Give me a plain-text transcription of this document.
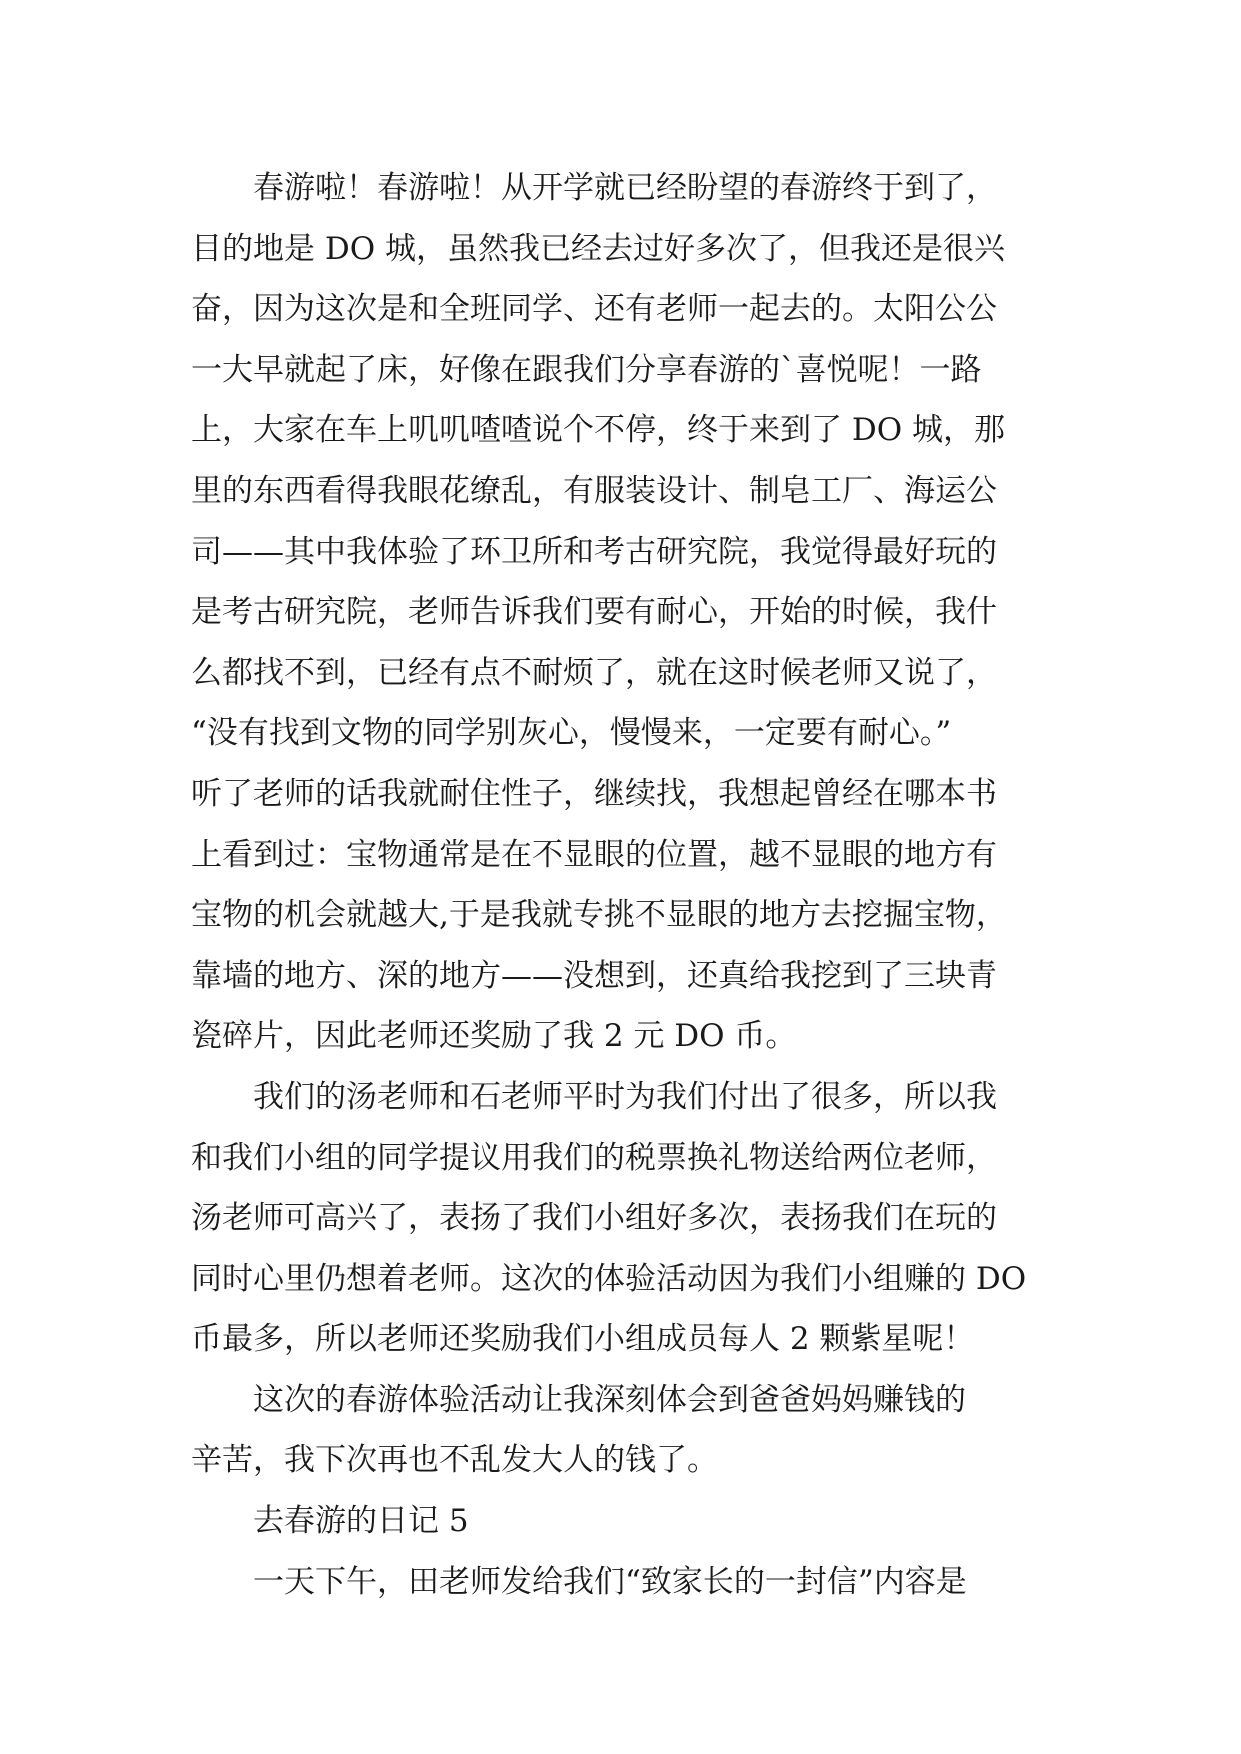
　　春游啦！春游啦！从开学就已经盼望的春游终于到了，
目的地是 DO 城，虽然我已经去过好多次了，但我还是很兴
奋，因为这次是和全班同学、还有老师一起去的。太阳公公
一大早就起了床，好像在跟我们分享春游的`喜悦呢！一路
上，大家在车上叽叽喳喳说个不停，终于来到了 DO 城，那
里的东西看得我眼花缭乱，有服装设计、制皂工厂、海运公
司——其中我体验了环卫所和考古研究院，我觉得最好玩的
是考古研究院，老师告诉我们要有耐心，开始的时候，我什
么都找不到，已经有点不耐烦了，就在这时候老师又说了，
“没有找到文物的同学别灰心，慢慢来，一定要有耐心。”
听了老师的话我就耐住性子，继续找，我想起曾经在哪本书
上看到过：宝物通常是在不显眼的位置，越不显眼的地方有
宝物的机会就越大,于是我就专挑不显眼的地方去挖掘宝物，
靠墙的地方、深的地方——没想到，还真给我挖到了三块青
瓷碎片，因此老师还奖励了我 2 元 DO 币。
　　我们的汤老师和石老师平时为我们付出了很多，所以我
和我们小组的同学提议用我们的税票换礼物送给两位老师，
汤老师可高兴了，表扬了我们小组好多次，表扬我们在玩的
同时心里仍想着老师。这次的体验活动因为我们小组赚的 DO
币最多，所以老师还奖励我们小组成员每人 2 颗紫星呢！
　　这次的春游体验活动让我深刻体会到爸爸妈妈赚钱的
辛苦，我下次再也不乱发大人的钱了。
　　去春游的日记 5
　　一天下午，田老师发给我们“致家长的一封信”内容是
